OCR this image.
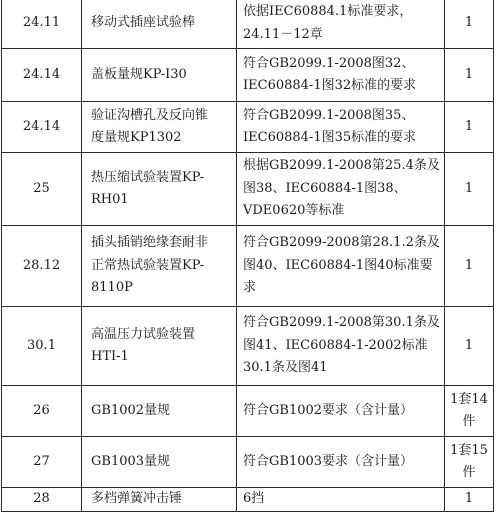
24.11	移动式插座试验棒	依据IEC60884.1标准要求，
24.11－12章	1

24.14	盖板量规KP-I30	符合GB2099.1-2008图32、
IEC60884-1图32标准的要求	1

24.14	验证沟槽孔及反向锥
度量规KP1302	符合GB2099.1-2008图35、
IEC60884-1图35标准的要求	1

25	热压缩试验装置KP-
RH01	根据GB2099.1-2008第25.4条及
图38、IEC60884-1图38、
VDE0620等标准	1

28.12	插头插销绝缘套耐非
正常热试验装置KP-
8110P	符合GB2099-2008第28.1.2条及
图40、IEC60884-1图40标准要
求	1

30.1	高温压力试验装置
HTI-1	符合GB2099.1-2008第30.1条及
图41、IEC60884-1-2002标准
30.1条及图41	1

26	GB1002量规	符合GB1002要求（含计量）	1套14
件

27	GB1003量规	符合GB1003要求（含计量）	1套15
件

28	多档弹簧冲击锤	6挡	1
